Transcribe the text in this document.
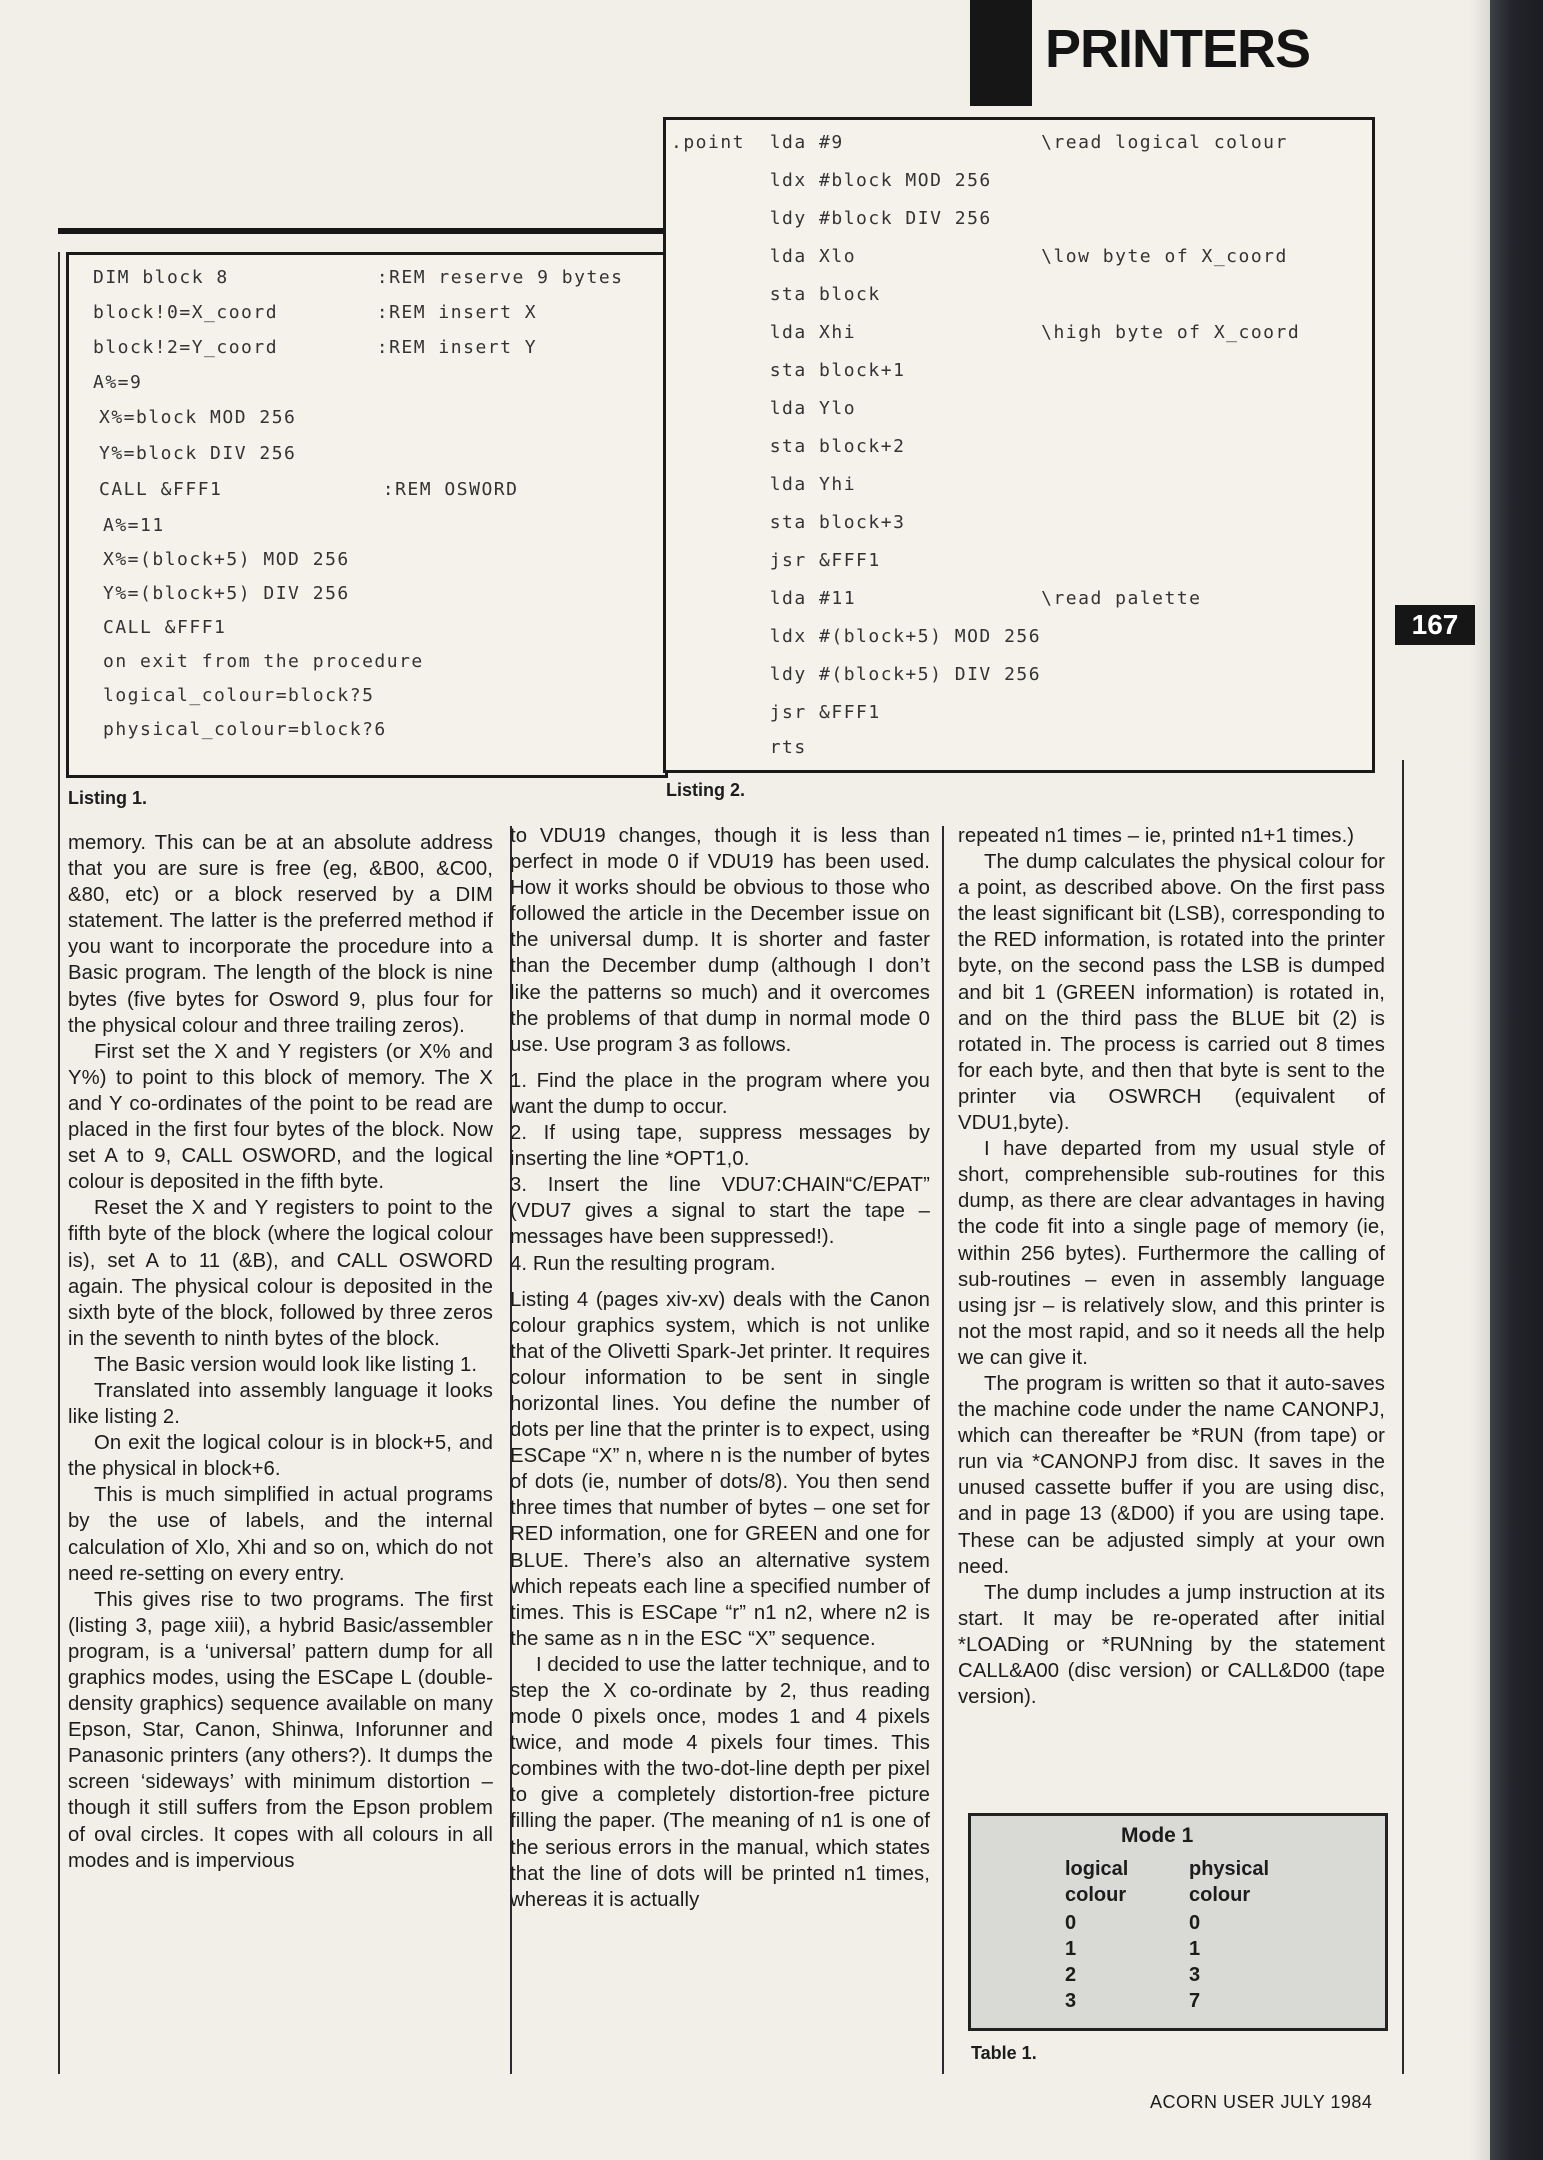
PRINTERS
167
DIM block 8            :REM reserve 9 bytes
block!0=X_coord        :REM insert X
block!2=Y_coord        :REM insert Y
A%=9
X%=block MOD 256
Y%=block DIV 256
CALL &FFF1             :REM OSWORD
A%=11
X%=(block+5) MOD 256
Y%=(block+5) DIV 256
CALL &FFF1
on exit from the procedure
logical_colour=block?5
physical_colour=block?6
Listing 1.
.point  lda #9                \read logical colour
ldx #block MOD 256
ldy #block DIV 256
lda Xlo               \low byte of X_coord
sta block
lda Xhi               \high byte of X_coord
sta block+1
lda Ylo
sta block+2
lda Yhi
sta block+3
jsr &FFF1
lda #11               \read palette
ldx #(block+5) MOD 256
ldy #(block+5) DIV 256
jsr &FFF1
rts
Listing 2.

memory. This can be at an absolute address that you are sure is free (eg, &B00, &C00, &80, etc) or a block reserved by a DIM statement. The latter is the preferred method if you want to incorporate the procedure into a Basic program. The length of the block is nine bytes (five bytes for Osword 9, plus four for the physical colour and three trailing zeros).

First set the X and Y registers (or X% and Y%) to point to this block of memory. The X and Y co-ordinates of the point to be read are placed in the first four bytes of the block. Now set A to 9, CALL OSWORD, and the logical colour is deposited in the fifth byte.

Reset the X and Y registers to point to the fifth byte of the block (where the logical colour is), set A to 11 (&B), and CALL OSWORD again. The physical colour is deposited in the sixth byte of the block, followed by three zeros in the seventh to ninth bytes of the block.

The Basic version would look like listing 1.

Translated into assembly language it looks like listing 2.

On exit the logical colour is in block+5, and the physical in block+6.

This is much simplified in actual programs by the use of labels, and the internal calculation of Xlo, Xhi and so on, which do not need re-setting on every entry.

This gives rise to two programs. The first (listing 3, page xiii), a hybrid Basic/assembler program, is a ‘universal’ pattern dump for all graphics modes, using the ESCape L (double-density graphics) sequence available on many Epson, Star, Canon, Shinwa, Inforunner and Panasonic printers (any others?). It dumps the screen ‘sideways’ with minimum distortion – though it still suffers from the Epson problem of oval circles. It copes with all colours in all modes and is impervious

to VDU19 changes, though it is less than perfect in mode 0 if VDU19 has been used. How it works should be obvious to those who followed the article in the December issue on the universal dump. It is shorter and faster than the December dump (although I don’t like the patterns so much) and it overcomes the problems of that dump in normal mode 0 use. Use program 3 as follows.

1. Find the place in the program where you want the dump to occur.

2. If using tape, suppress messages by inserting the line *OPT1,0.

3. Insert the line VDU7:CHAIN“C/EPAT” (VDU7 gives a signal to start the tape – messages have been suppressed!).

4. Run the resulting program.

Listing 4 (pages xiv-xv) deals with the Canon colour graphics system, which is not unlike that of the Olivetti Spark-Jet printer. It requires colour information to be sent in single horizontal lines. You define the number of dots per line that the printer is to expect, using ESCape “X” n, where n is the number of bytes of dots (ie, number of dots/8). You then send three times that number of bytes – one set for RED information, one for GREEN and one for BLUE. There’s also an alternative system which repeats each line a specified number of times. This is ESCape “r” n1 n2, where n2 is the same as n in the ESC “X” sequence.

I decided to use the latter technique, and to step the X co-ordinate by 2, thus reading mode 0 pixels once, modes 1 and 4 pixels twice, and mode 4 pixels four times. This combines with the two-dot-line depth per pixel to give a completely distortion-free picture filling the paper. (The meaning of n1 is one of the serious errors in the manual, which states that the line of dots will be printed n1 times, whereas it is actually

repeated n1 times – ie, printed n1+1 times.)

The dump calculates the physical colour for a point, as described above. On the first pass the least significant bit (LSB), corresponding to the RED information, is rotated into the printer byte, on the second pass the LSB is dumped and bit 1 (GREEN information) is rotated in, and on the third pass the BLUE bit (2) is rotated in. The process is carried out 8 times for each byte, and then that byte is sent to the printer via OSWRCH (equivalent of VDU1,byte).

I have departed from my usual style of short, comprehensible sub-routines for this dump, as there are clear advantages in having the code fit into a single page of memory (ie, within 256 bytes). Furthermore the calling of sub-routines – even in assembly language using jsr – is relatively slow, and this printer is not the most rapid, and so it needs all the help we can give it.

The program is written so that it auto-saves the machine code under the name CANONPJ, which can thereafter be *RUN (from tape) or run via *CANONPJ from disc. It saves in the unused cassette buffer if you are using disc, and in page 13 (&D00) if you are using tape. These can be adjusted simply at your own need.

The dump includes a jump instruction at its start. It may be re-operated after initial *LOADing or *RUNning by the statement CALL&A00 (disc version) or CALL&D00 (tape version).

Mode 1
logical
colour
physical
colour
0	0
1	1
2	3
3	7
Table 1.
ACORN USER JULY 1984
